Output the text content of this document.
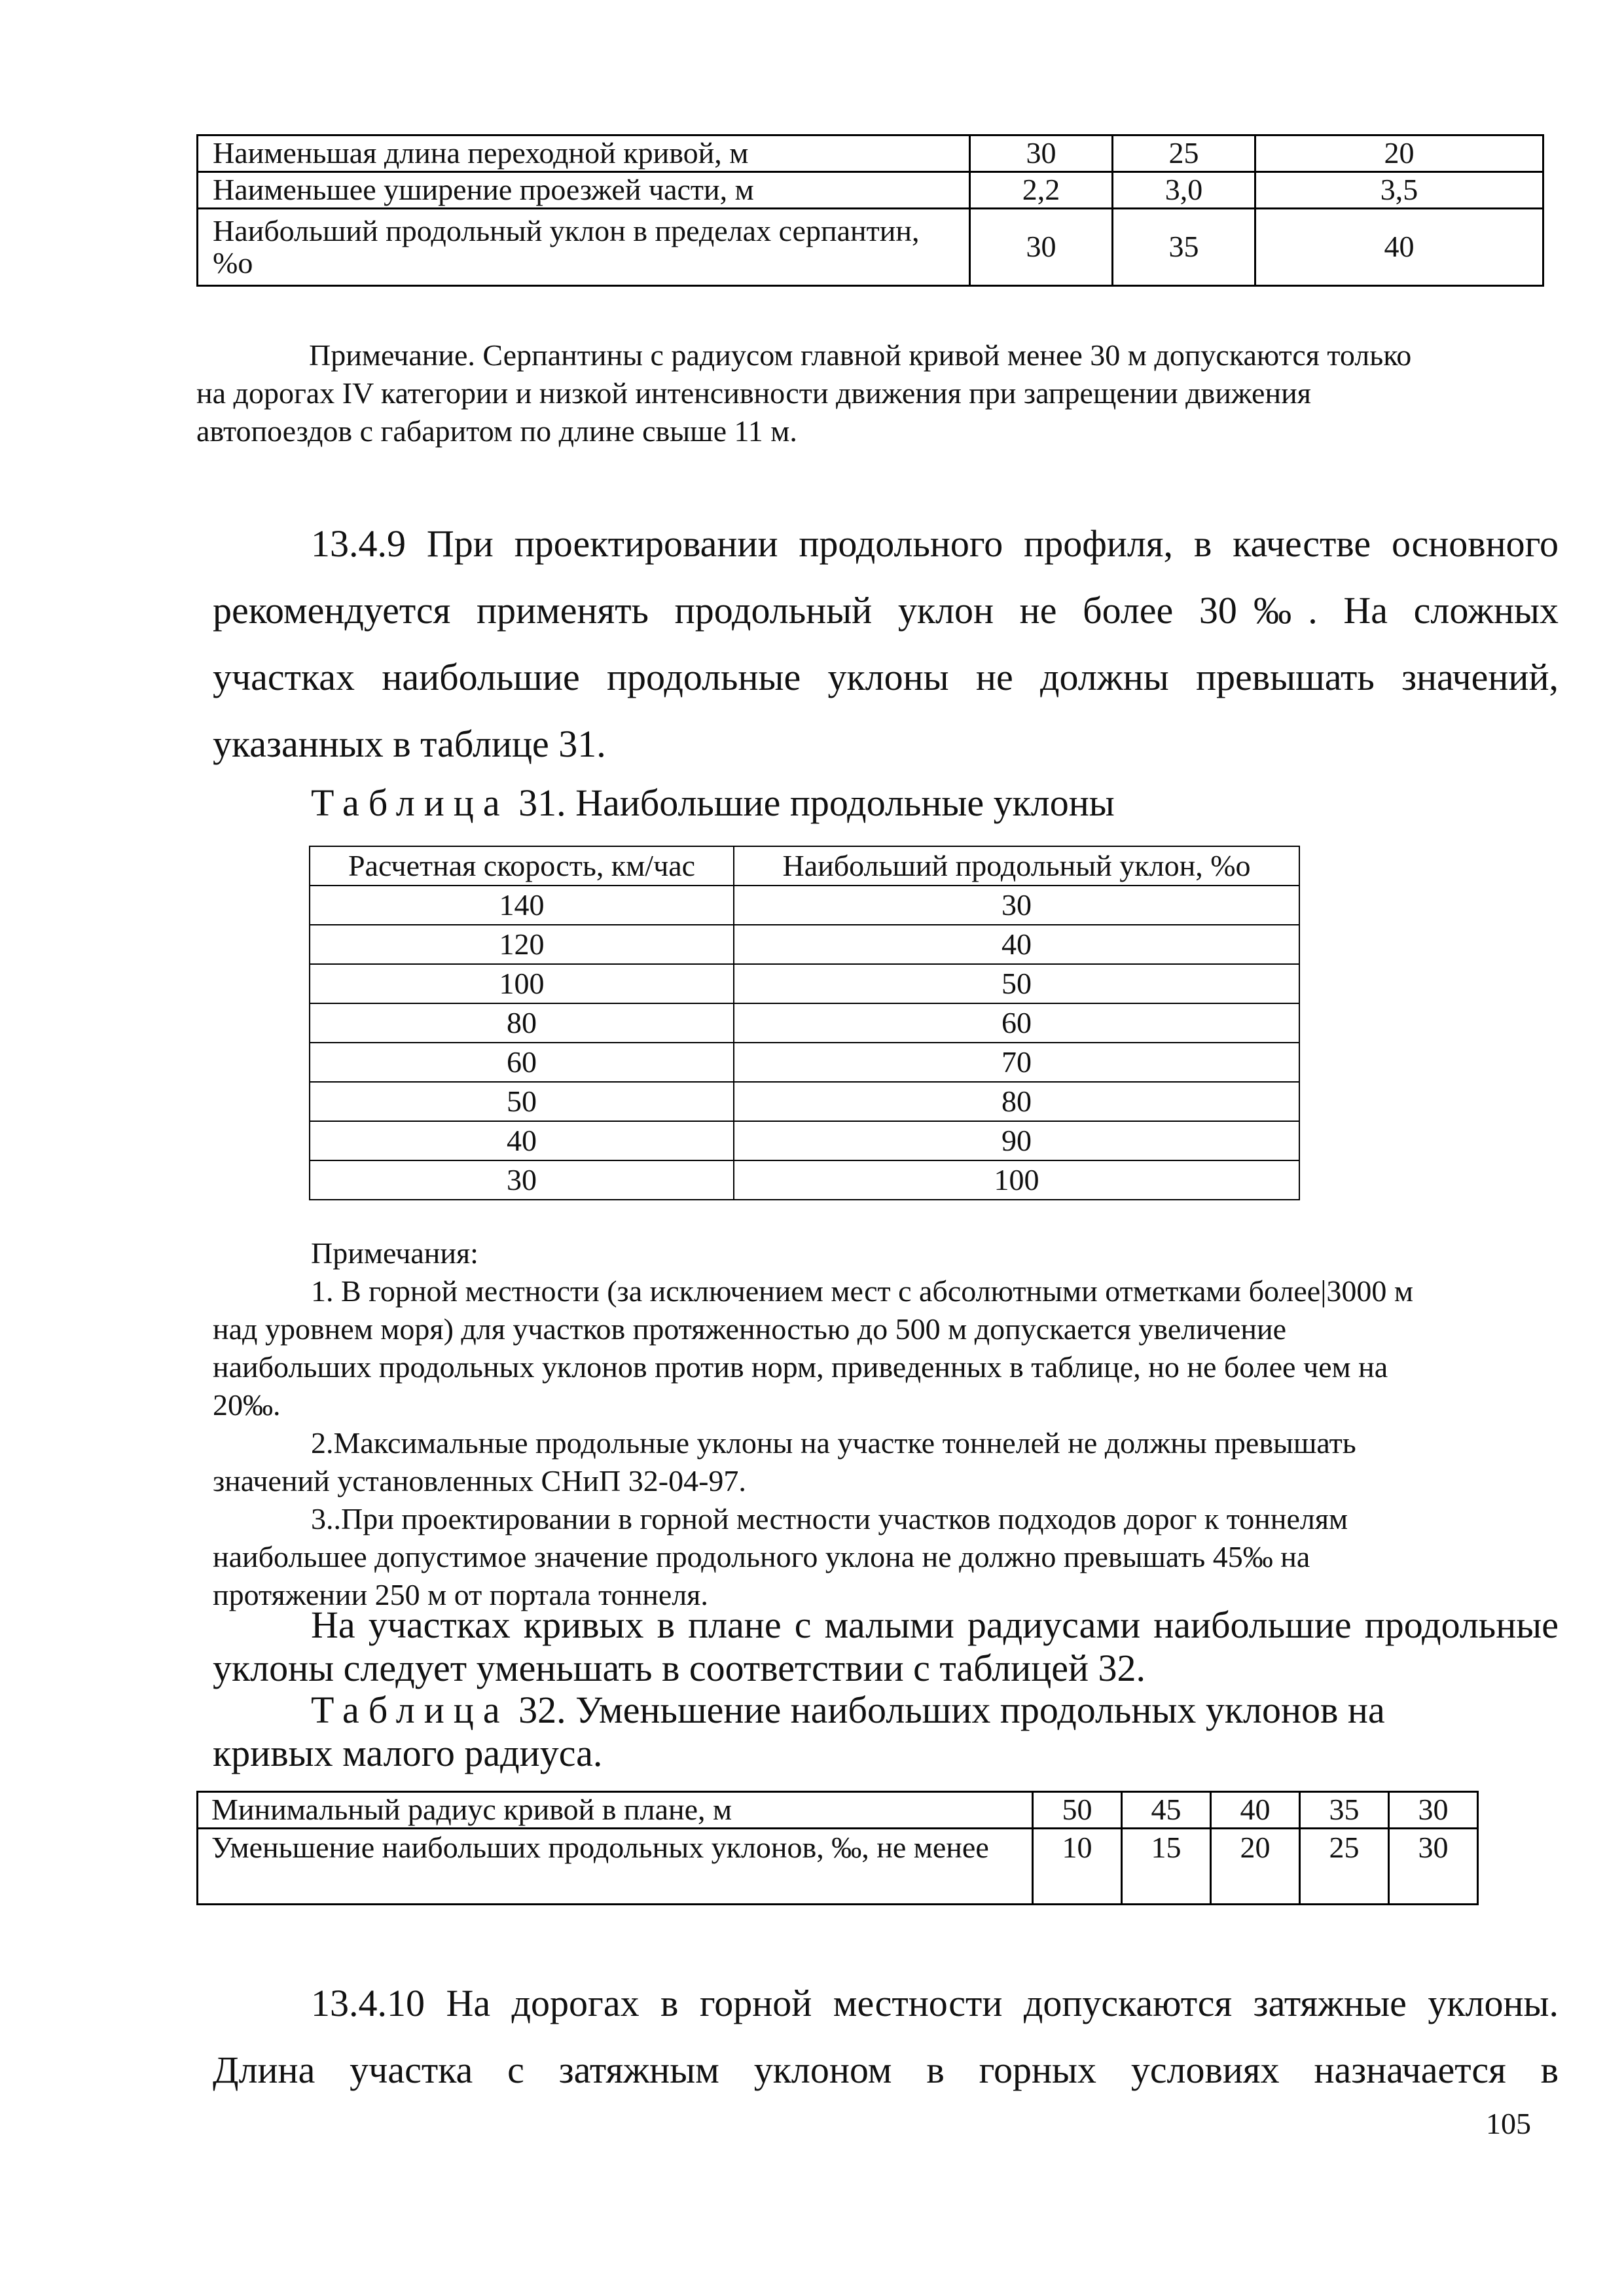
Наименьшая длина переходной кривой, м	30	25	20
Наименьшее уширение проезжей части, м	2,2	3,0	3,5
Наибольший продольный уклон в пределах серпантин, %о	30	35	40
Примечание. Серпантины с радиусом главной кривой менее 30 м допускаются только
на дорогах IV категории и низкой интенсивности движения при запрещении движения
автопоездов с габаритом по длине свыше 11 м.
13.4.9 При проектировании продольного профиля, в качестве основного
рекомендуется применять продольный уклон не более 30‰. На сложных
участках наибольшие продольные уклоны не должны превышать значений,
указанных в таблице 31.
Таблица 31. Наибольшие продольные уклоны
Расчетная скорость, км/час	Наибольший продольный уклон, %о
140	30
120	40
100	50
80	60
60	70
50	80
40	90
30	100
Примечания:
1. В горной местности (за исключением мест с абсолютными отметками более|3000 м
над уровнем моря) для участков протяженностью до 500 м допускается увеличение
наибольших продольных уклонов против норм, приведенных в таблице, но не более чем на
20‰.
2.Максимальные продольные уклоны на участке тоннелей не должны превышать
значений установленных СНиП 32-04-97.
3..При проектировании в горной местности участков подходов дорог к тоннелям
наибольшее допустимое значение продольного уклона не должно превышать 45‰ на
протяжении 250 м от портала тоннеля.
На участках кривых в плане с малыми радиусами наибольшие продольные
уклоны следует уменьшать в соответствии с таблицей 32.
Таблица 32. Уменьшение наибольших продольных уклонов на
кривых малого радиуса.
Минимальный радиус кривой в плане, м	50	45	40	35	30
Уменьшение наибольших продольных уклонов, ‰, не менее	10	15	20	25	30
13.4.10 На дорогах в горной местности допускаются затяжные уклоны.
Длина участка с затяжным уклоном в горных условиях назначается в
105
